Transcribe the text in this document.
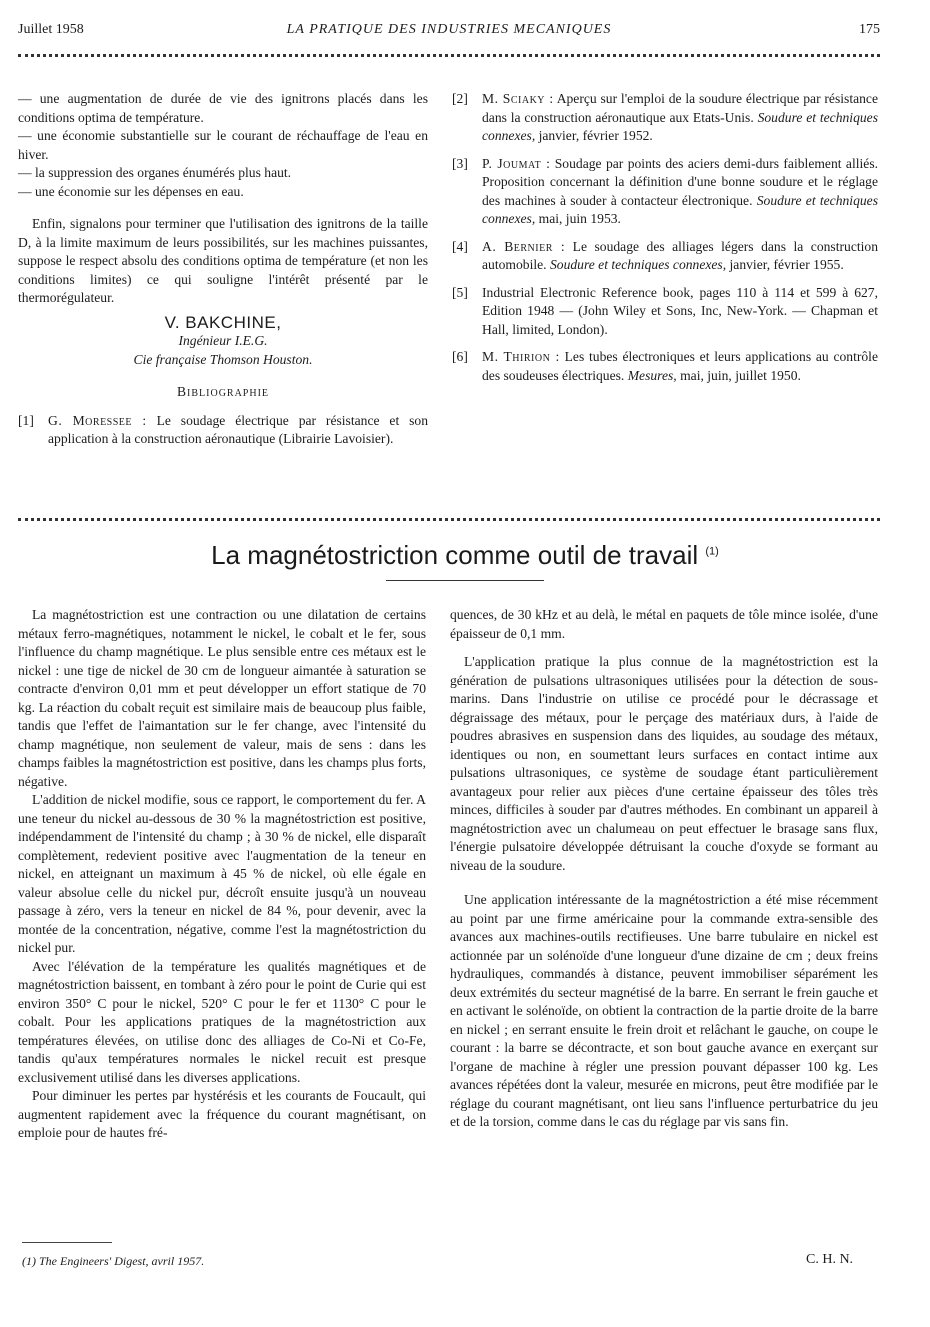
Juillet 1958	LA PRATIQUE DES INDUSTRIES MECANIQUES	175

— une augmentation de durée de vie des ignitrons placés dans les conditions optima de température.

— une économie substantielle sur le courant de réchauffage de l'eau en hiver.

— la suppression des organes énumérés plus haut.

— une économie sur les dépenses en eau.

Enfin, signalons pour terminer que l'utilisation des ignitrons de la taille D, à la limite maximum de leurs possibilités, sur les machines puissantes, suppose le respect absolu des conditions optima de température (et non les conditions limites) ce qui souligne l'intérêt présenté par le thermorégulateur.

V. BAKCHINE,
Ingénieur I.E.G.
Cie française Thomson Houston.
Bibliographie
[1]	G. Moressee : Le soudage électrique par résistance et son application à la construction aéronautique (Librairie Lavoisier).
[2]	M. Sciaky : Aperçu sur l'emploi de la soudure électrique par résistance dans la construction aéronautique aux Etats-Unis. Soudure et techniques connexes, janvier, février 1952.
[3]	P. Joumat : Soudage par points des aciers demi-durs faiblement alliés. Proposition concernant la définition d'une bonne soudure et le réglage des machines à souder à contacteur électronique. Soudure et techniques connexes, mai, juin 1953.
[4]	A. Bernier : Le soudage des alliages légers dans la construction automobile. Soudure et techniques connexes, janvier, février 1955.
[5]	Industrial Electronic Reference book, pages 110 à 114 et 599 à 627, Edition 1948 — (John Wiley et Sons, Inc, New-York. — Chapman et Hall, limited, London).
[6]	M. Thirion : Les tubes électroniques et leurs applications au contrôle des soudeuses électriques. Mesures, mai, juin, juillet 1950.
La magnétostriction comme outil de travail $^{(1)}$

La magnétostriction est une contraction ou une dilatation de certains métaux ferro-magnétiques, notamment le nickel, le cobalt et le fer, sous l'influence du champ magnétique. Le plus sensible entre ces métaux est le nickel : une tige de nickel de 30 cm de longueur aimantée à saturation se contracte d'environ 0,01 mm et peut développer un effort statique de 70 kg. La réaction du cobalt reçuit est similaire mais de beaucoup plus faible, tandis que l'effet de l'aimantation sur le fer change, avec l'intensité du champ magnétique, non seulement de valeur, mais de sens : dans les champs faibles la magnétostriction est positive, dans les champs plus forts, négative.

L'addition de nickel modifie, sous ce rapport, le comportement du fer. A une teneur du nickel au-dessous de 30 % la magnétostriction est positive, indépendamment de l'intensité du champ ; à 30 % de nickel, elle disparaît complètement, redevient positive avec l'augmentation de la teneur en nickel, en atteignant un maximum à 45 % de nickel, où elle égale en valeur absolue celle du nickel pur, décroît ensuite jusqu'à un nouveau passage à zéro, vers la teneur en nickel de 84 %, pour devenir, avec la montée de la concentration, négative, comme l'est la magnétostriction du nickel pur.

Avec l'élévation de la température les qualités magnétiques et de magnétostriction baissent, en tombant à zéro pour le point de Curie qui est environ 350° C pour le nickel, 520° C pour le fer et 1130° C pour le cobalt. Pour les applications pratiques de la magnétostriction aux températures élevées, on utilise donc des alliages de Co-Ni et Co-Fe, tandis qu'aux températures normales le nickel recuit est presque exclusivement utilisé dans les diverses applications.

Pour diminuer les pertes par hystérésis et les courants de Foucault, qui augmentent rapidement avec la fréquence du courant magnétisant, on emploie pour de hautes fré-

quences, de 30 kHz et au delà, le métal en paquets de tôle mince isolée, d'une épaisseur de 0,1 mm.

L'application pratique la plus connue de la magnétostriction est la génération de pulsations ultrasoniques utilisées pour la détection de sous-marins. Dans l'industrie on utilise ce procédé pour le décrassage et dégraissage des métaux, pour le perçage des matériaux durs, à l'aide de poudres abrasives en suspension dans des liquides, au soudage des métaux, identiques ou non, en soumettant leurs surfaces en contact intime aux pulsations ultrasoniques, ce système de soudage étant particulièrement avantageux pour relier aux pièces d'une certaine épaisseur des tôles très minces, difficiles à souder par d'autres méthodes. En combinant un appareil à magnétostriction avec un chalumeau on peut effectuer le brasage sans flux, l'énergie pulsatoire développée détruisant la couche d'oxyde se formant au niveau de la soudure.

Une application intéressante de la magnétostriction a été mise récemment au point par une firme américaine pour la commande extra-sensible des avances aux machines-outils rectifieuses. Une barre tubulaire en nickel est actionnée par un solénoïde d'une longueur d'une dizaine de cm ; deux freins hydrauliques, commandés à distance, peuvent immobiliser séparément les deux extrémités du secteur magnétisé de la barre. En serrant le frein gauche et en activant le solénoïde, on obtient la contraction de la partie droite de la barre en nickel ; en serrant ensuite le frein droit et relâchant le gauche, on coupe le courant : la barre se décontracte, et son bout gauche avance en exerçant sur l'organe de machine à régler une pression pouvant dépasser 100 kg. Les avances répétées dont la valeur, mesurée en microns, peut être modifiée par le réglage du courant magnétisant, ont lieu sans l'influence perturbatrice du jeu et de la torsion, comme dans le cas du réglage par vis sans fin.

(1) The Engineers' Digest, avril 1957.	C. H. N.
